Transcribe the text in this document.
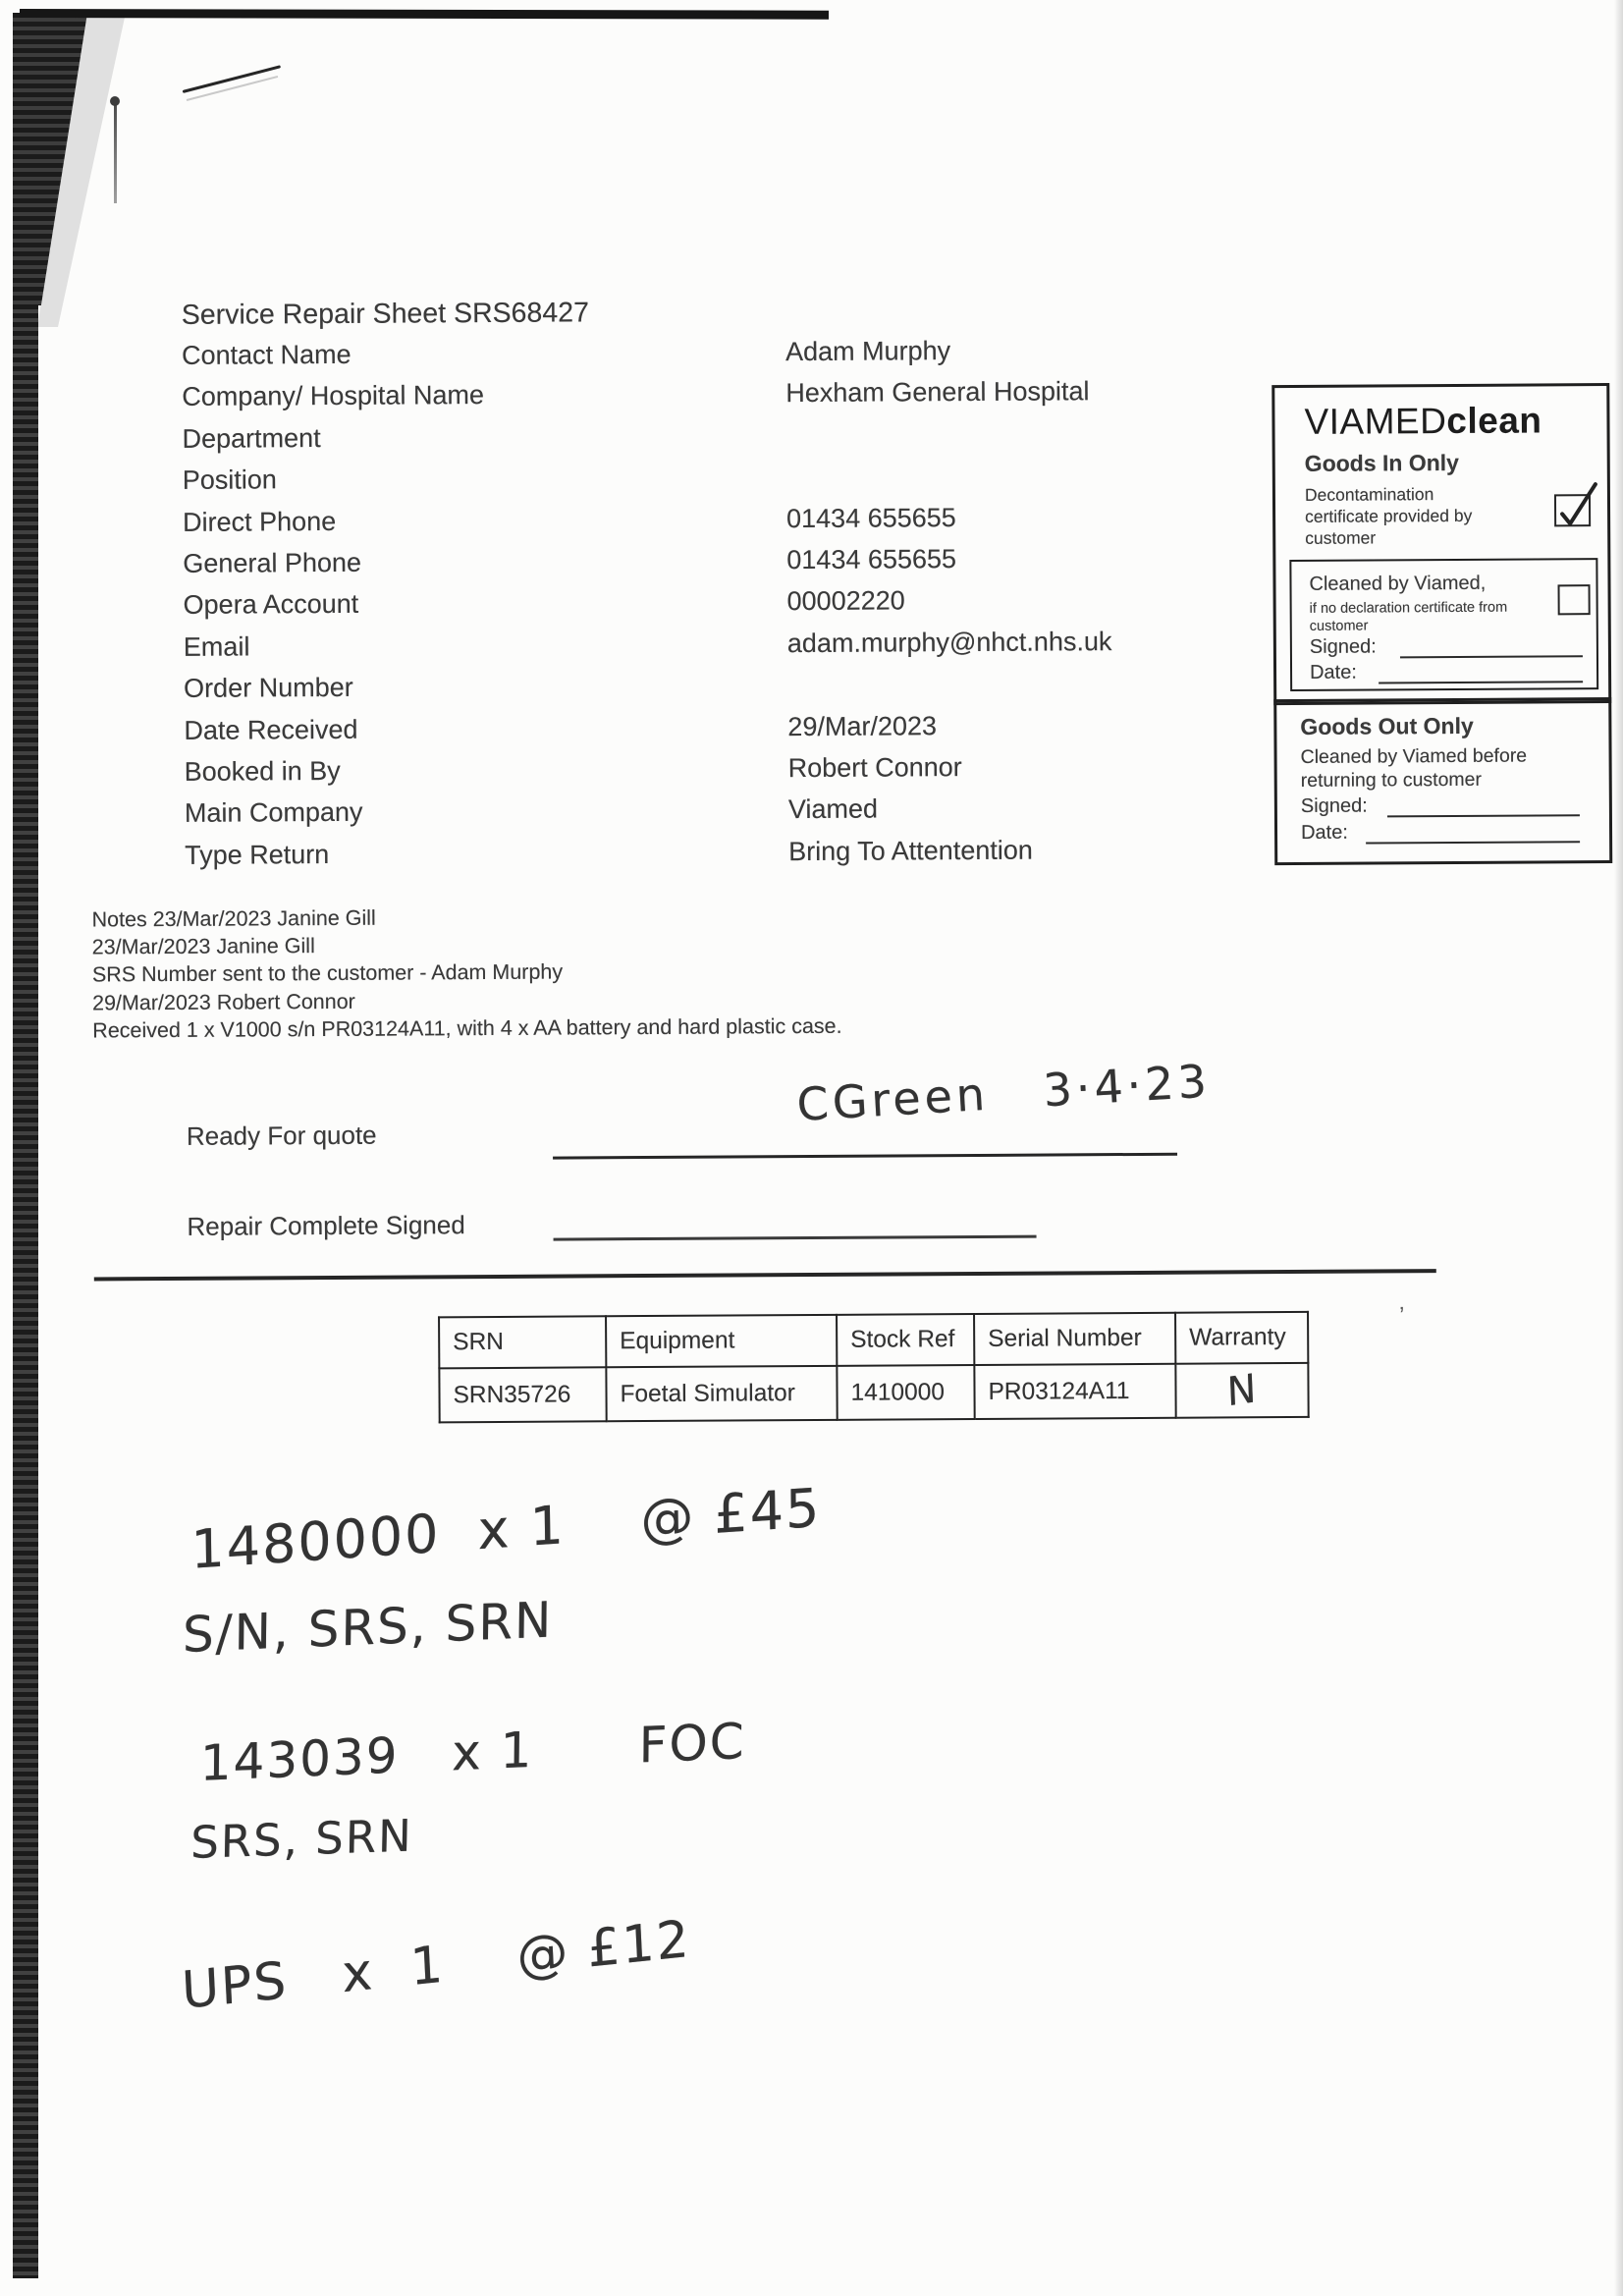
Service Repair Sheet SRS68427
Contact Name	Adam Murphy
Company/ Hospital Name	Hexham General Hospital
Department
Position
Direct Phone	01434 655655
General Phone	01434 655655
Opera Account	00002220
Email	adam.murphy@nhct.nhs.uk
Order Number
Date Received	29/Mar/2023
Booked in By	Robert Connor
Main Company	Viamed
Type Return	Bring To Attentention
VIAMEDclean
Goods In Only
Decontamination certificate provided by customer
Cleaned by Viamed,
if no declaration certificate from customer
Signed:
Date:
Goods Out Only
Cleaned by Viamed before returning to customer
Signed:
Date:
Notes 23/Mar/2023 Janine Gill
23/Mar/2023 Janine Gill
SRS Number sent to the customer - Adam Murphy
29/Mar/2023 Robert Connor
Received 1 x V1000 s/n PR03124A11, with 4 x AA battery and hard plastic case.
Ready For quote
CGreen   3·4·23
Repair Complete Signed
SRN	Equipment	Stock Ref	Serial Number	Warranty
SRN35726	Foetal Simulator	1410000	PR03124A11	N
’
1480000  x 1    @ £45
S/N, SRS, SRN
143039   x 1      FOC
SRS, SRN
UPS   x  1    @ £12
